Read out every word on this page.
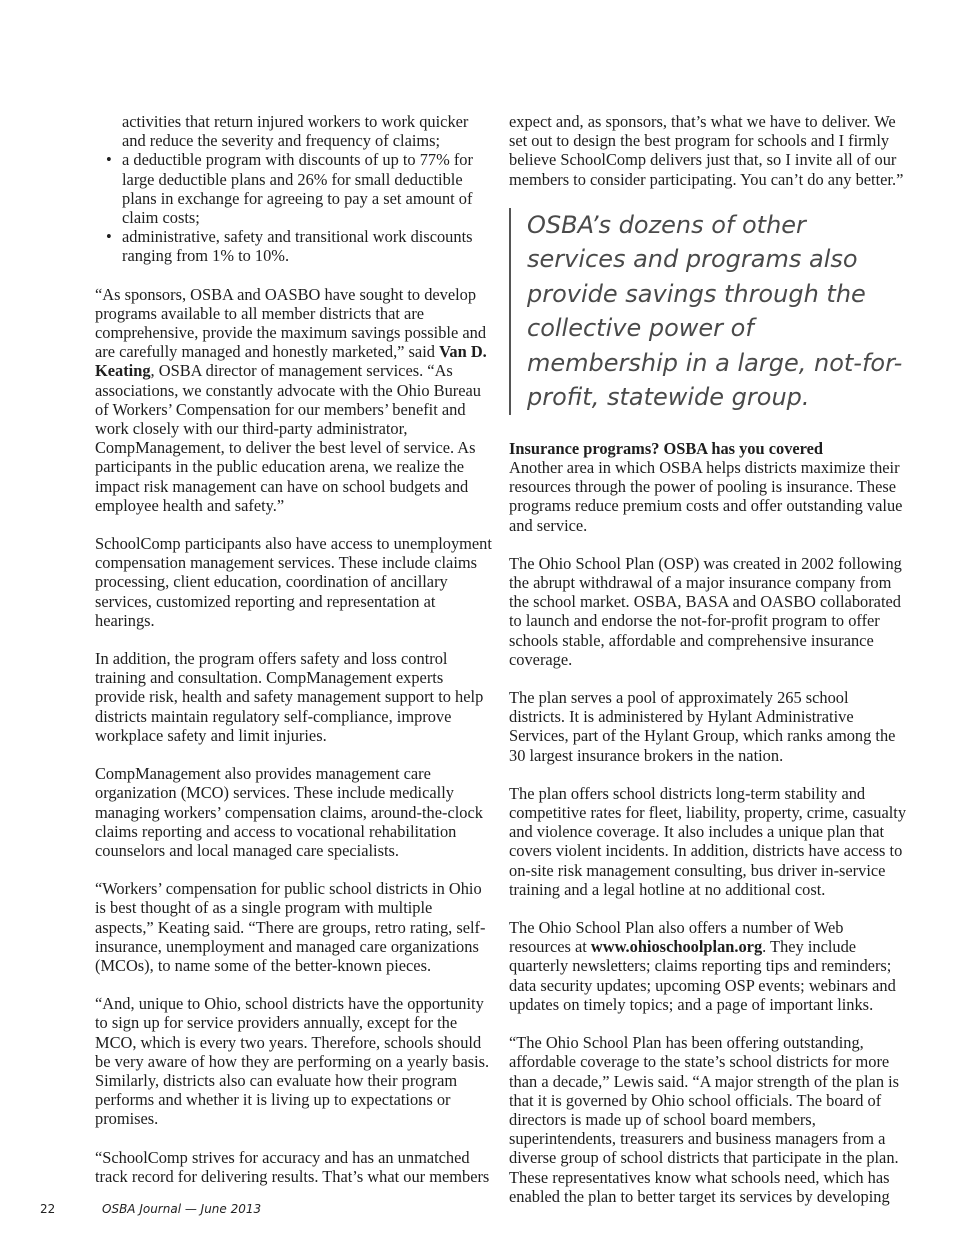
activities that return injured workers to work quicker and reduce the severity and frequency of claims;
• a deductible program with discounts of up to 77% for large deductible plans and 26% for small deductible plans in exchange for agreeing to pay a set amount of claim costs;
• administrative, safety and transitional work discounts ranging from 1% to 10%.

“As sponsors, OSBA and OASBO have sought to develop programs available to all member districts that are comprehensive, provide the maximum savings possible and are carefully managed and honestly marketed,” said Van D. Keating, OSBA director of management services. “As associations, we constantly advocate with the Ohio Bureau of Workers’ Compensation for our members’ benefit and work closely with our third-party administrator, CompManagement, to deliver the best level of service. As participants in the public education arena, we realize the impact risk management can have on school budgets and employee health and safety.”

SchoolComp participants also have access to unemployment compensation management services. These include claims processing, client education, coordination of ancillary services, customized reporting and representation at hearings.

In addition, the program offers safety and loss control training and consultation. CompManagement experts provide risk, health and safety management support to help districts maintain regulatory self-compliance, improve workplace safety and limit injuries.

CompManagement also provides management care organization (MCO) services. These include medically managing workers’ compensation claims, around-the-clock claims reporting and access to vocational rehabilitation counselors and local managed care specialists.

“Workers’ compensation for public school districts in Ohio is best thought of as a single program with multiple aspects,” Keating said. “There are groups, retro rating, self-insurance, unemployment and managed care organizations (MCOs), to name some of the better-known pieces.

“And, unique to Ohio, school districts have the opportunity to sign up for service providers annually, except for the MCO, which is every two years. Therefore, schools should be very aware of how they are performing on a yearly basis. Similarly, districts also can evaluate how their program performs and whether it is living up to expectations or promises.

“SchoolComp strives for accuracy and has an unmatched track record for delivering results. That’s what our members

expect and, as sponsors, that’s what we have to deliver. We set out to design the best program for schools and I firmly believe SchoolComp delivers just that, so I invite all of our members to consider participating. You can’t do any better.”

OSBA’s dozens of other services and programs also provide savings through the collective power of membership in a large, not-for-profit, statewide group.

Insurance programs? OSBA has you covered
Another area in which OSBA helps districts maximize their resources through the power of pooling is insurance. These programs reduce premium costs and offer outstanding value and service.

The Ohio School Plan (OSP) was created in 2002 following the abrupt withdrawal of a major insurance company from the school market. OSBA, BASA and OASBO collaborated to launch and endorse the not-for-profit program to offer schools stable, affordable and comprehensive insurance coverage.

The plan serves a pool of approximately 265 school districts. It is administered by Hylant Administrative Services, part of the Hylant Group, which ranks among the 30 largest insurance brokers in the nation.

The plan offers school districts long-term stability and competitive rates for fleet, liability, property, crime, casualty and violence coverage. It also includes a unique plan that covers violent incidents. In addition, districts have access to on-site risk management consulting, bus driver in-service training and a legal hotline at no additional cost.

The Ohio School Plan also offers a number of Web resources at www.ohioschoolplan.org. They include quarterly newsletters; claims reporting tips and reminders; data security updates; upcoming OSP events; webinars and updates on timely topics; and a page of important links.

“The Ohio School Plan has been offering outstanding, affordable coverage to the state’s school districts for more than a decade,” Lewis said. “A major strength of the plan is that it is governed by Ohio school officials. The board of directors is made up of school board members, superintendents, treasurers and business managers from a diverse group of school districts that participate in the plan. These representatives know what schools need, which has enabled the plan to better target its services by developing

22	OSBA Journal — June 2013
